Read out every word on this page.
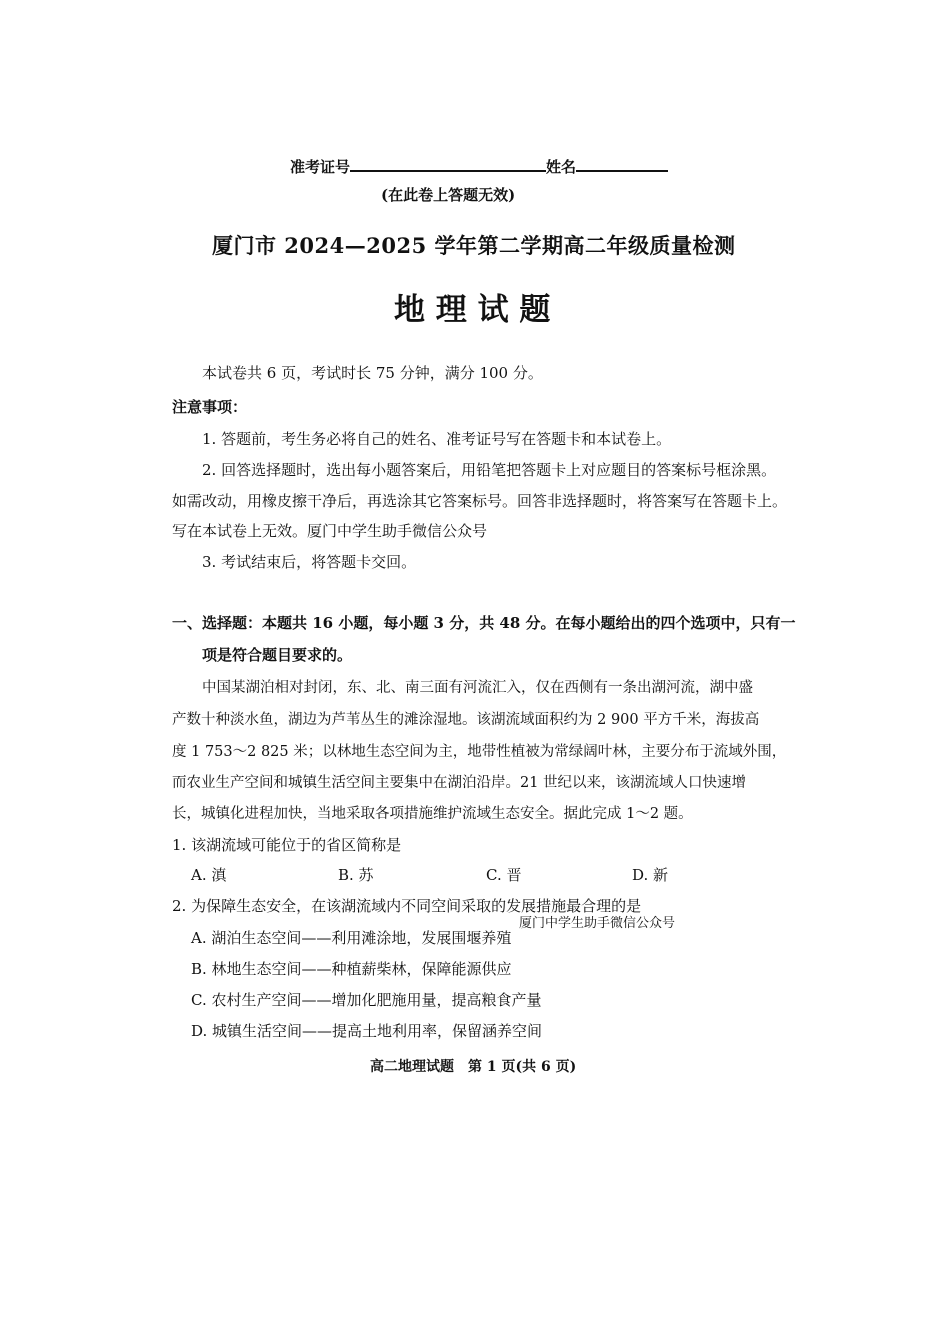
准考证号	姓名
(在此卷上答题无效)
厦门市 2024—2025 学年第二学期高二年级质量检测
地 理 试 题
本试卷共 6 页，考试时长 75 分钟，满分 100 分。
注意事项：
1. 答题前，考生务必将自己的姓名、准考证号写在答题卡和本试卷上。
2. 回答选择题时，选出每小题答案后，用铅笔把答题卡上对应题目的答案标号框涂黑。
如需改动，用橡皮擦干净后，再选涂其它答案标号。回答非选择题时，将答案写在答题卡上。
写在本试卷上无效。厦门中学生助手微信公众号
3. 考试结束后，将答题卡交回。
一、选择题：本题共 16 小题，每小题 3 分，共 48 分。在每小题给出的四个选项中，只有一
项是符合题目要求的。
中国某湖泊相对封闭，东、北、南三面有河流汇入，仅在西侧有一条出湖河流，湖中盛
产数十种淡水鱼，湖边为芦苇丛生的滩涂湿地。该湖流域面积约为 2 900 平方千米，海拔高
度 1 753～2 825 米；以林地生态空间为主，地带性植被为常绿阔叶林，主要分布于流域外围，
而农业生产空间和城镇生活空间主要集中在湖泊沿岸。21 世纪以来，该湖流域人口快速增
长，城镇化进程加快，当地采取各项措施维护流域生态安全。据此完成 1～2 题。
1. 该湖流域可能位于的省区简称是
A. 滇	B. 苏	C. 晋	D. 新
2. 为保障生态安全，在该湖流域内不同空间采取的发展措施最合理的是
厦门中学生助手微信公众号
A. 湖泊生态空间——利用滩涂地，发展围堰养殖
B. 林地生态空间——种植薪柴林，保障能源供应
C. 农村生产空间——增加化肥施用量，提高粮食产量
D. 城镇生活空间——提高土地利用率，保留涵养空间
高二地理试题　第 1 页(共 6 页)
